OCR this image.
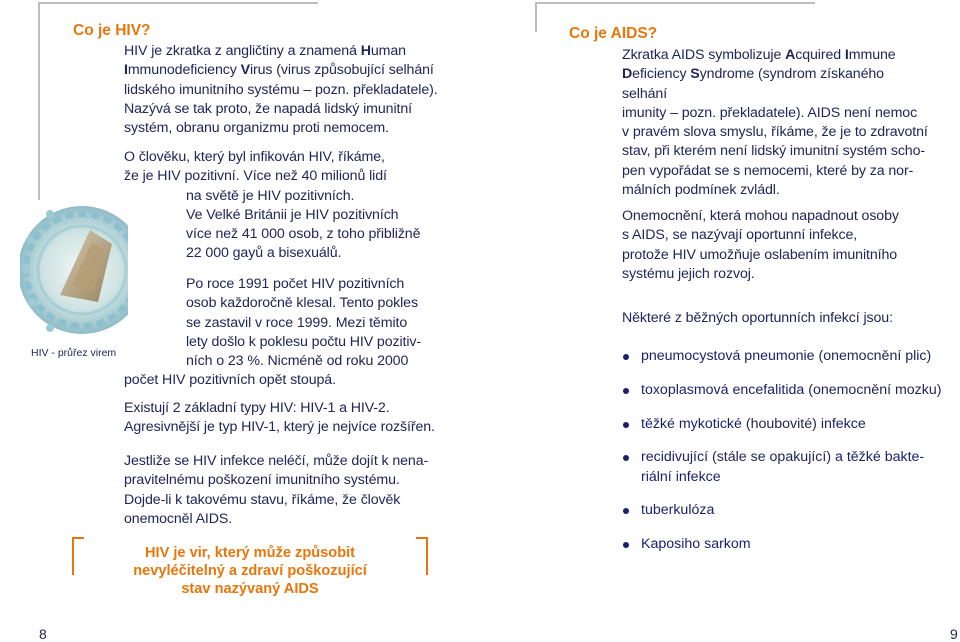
Co je HIV?
HIV je zkratka z angličtiny a znamená Human
Immunodeficiency Virus (virus způsobující selhání
lidského imunitního systému – pozn. překladatele).
Nazývá se tak proto, že napadá lidský imunitní
systém, obranu organizmu proti nemocem.
O člověku, který byl infikován HIV, říkáme,
že je HIV pozitivní. Více než 40 milionů lidí
na světě je HIV pozitivních.
Ve Velké Británii je HIV pozitivních
více než 41 000 osob, z toho přibližně
22 000 gayů a bisexuálů.
HIV - průřez virem
Po roce 1991 počet HIV pozitivních
osob každoročně klesal. Tento pokles
se zastavil v roce 1999. Mezi těmito
lety došlo k poklesu počtu HIV pozitiv-
ních o 23 %. Nicméně od roku 2000
počet HIV pozitivních opět stoupá.
Existují 2 základní typy HIV: HIV-1 a HIV-2.
Agresivnější je typ HIV-1, který je nejvíce rozšířen.
Jestliže se HIV infekce neléčí, může dojít k nena-
pravitelnému poškození imunitního systému.
Dojde-li k takovému stavu, říkáme, že člověk
onemocněl AIDS.
HIV je vir, který může způsobit
nevyléčitelný a zdraví poškozující
stav nazývaný AIDS
8
Co je AIDS?
Zkratka AIDS symbolizuje Acquired Immune
Deficiency Syndrome (syndrom získaného selhání
imunity – pozn. překladatele). AIDS není nemoc
v pravém slova smyslu, říkáme, že je to zdravotní
stav, při kterém není lidský imunitní systém scho-
pen vypořádat se s nemocemi, které by za nor-
málních podmínek zvládl.
Onemocnění, která mohou napadnout osoby
s AIDS, se nazývají oportunní infekce,
protože HIV umožňuje oslabením imunitního
systému jejich rozvoj.
Některé z běžných oportunních infekcí jsou:
pneumocystová pneumonie (onemocnění plic)
toxoplasmová encefalitida (onemocnění mozku)
těžké mykotické (houbovité) infekce
recidivující (stále se opakující) a těžké bakte-
riální infekce
tuberkulóza
Kaposiho sarkom
9
